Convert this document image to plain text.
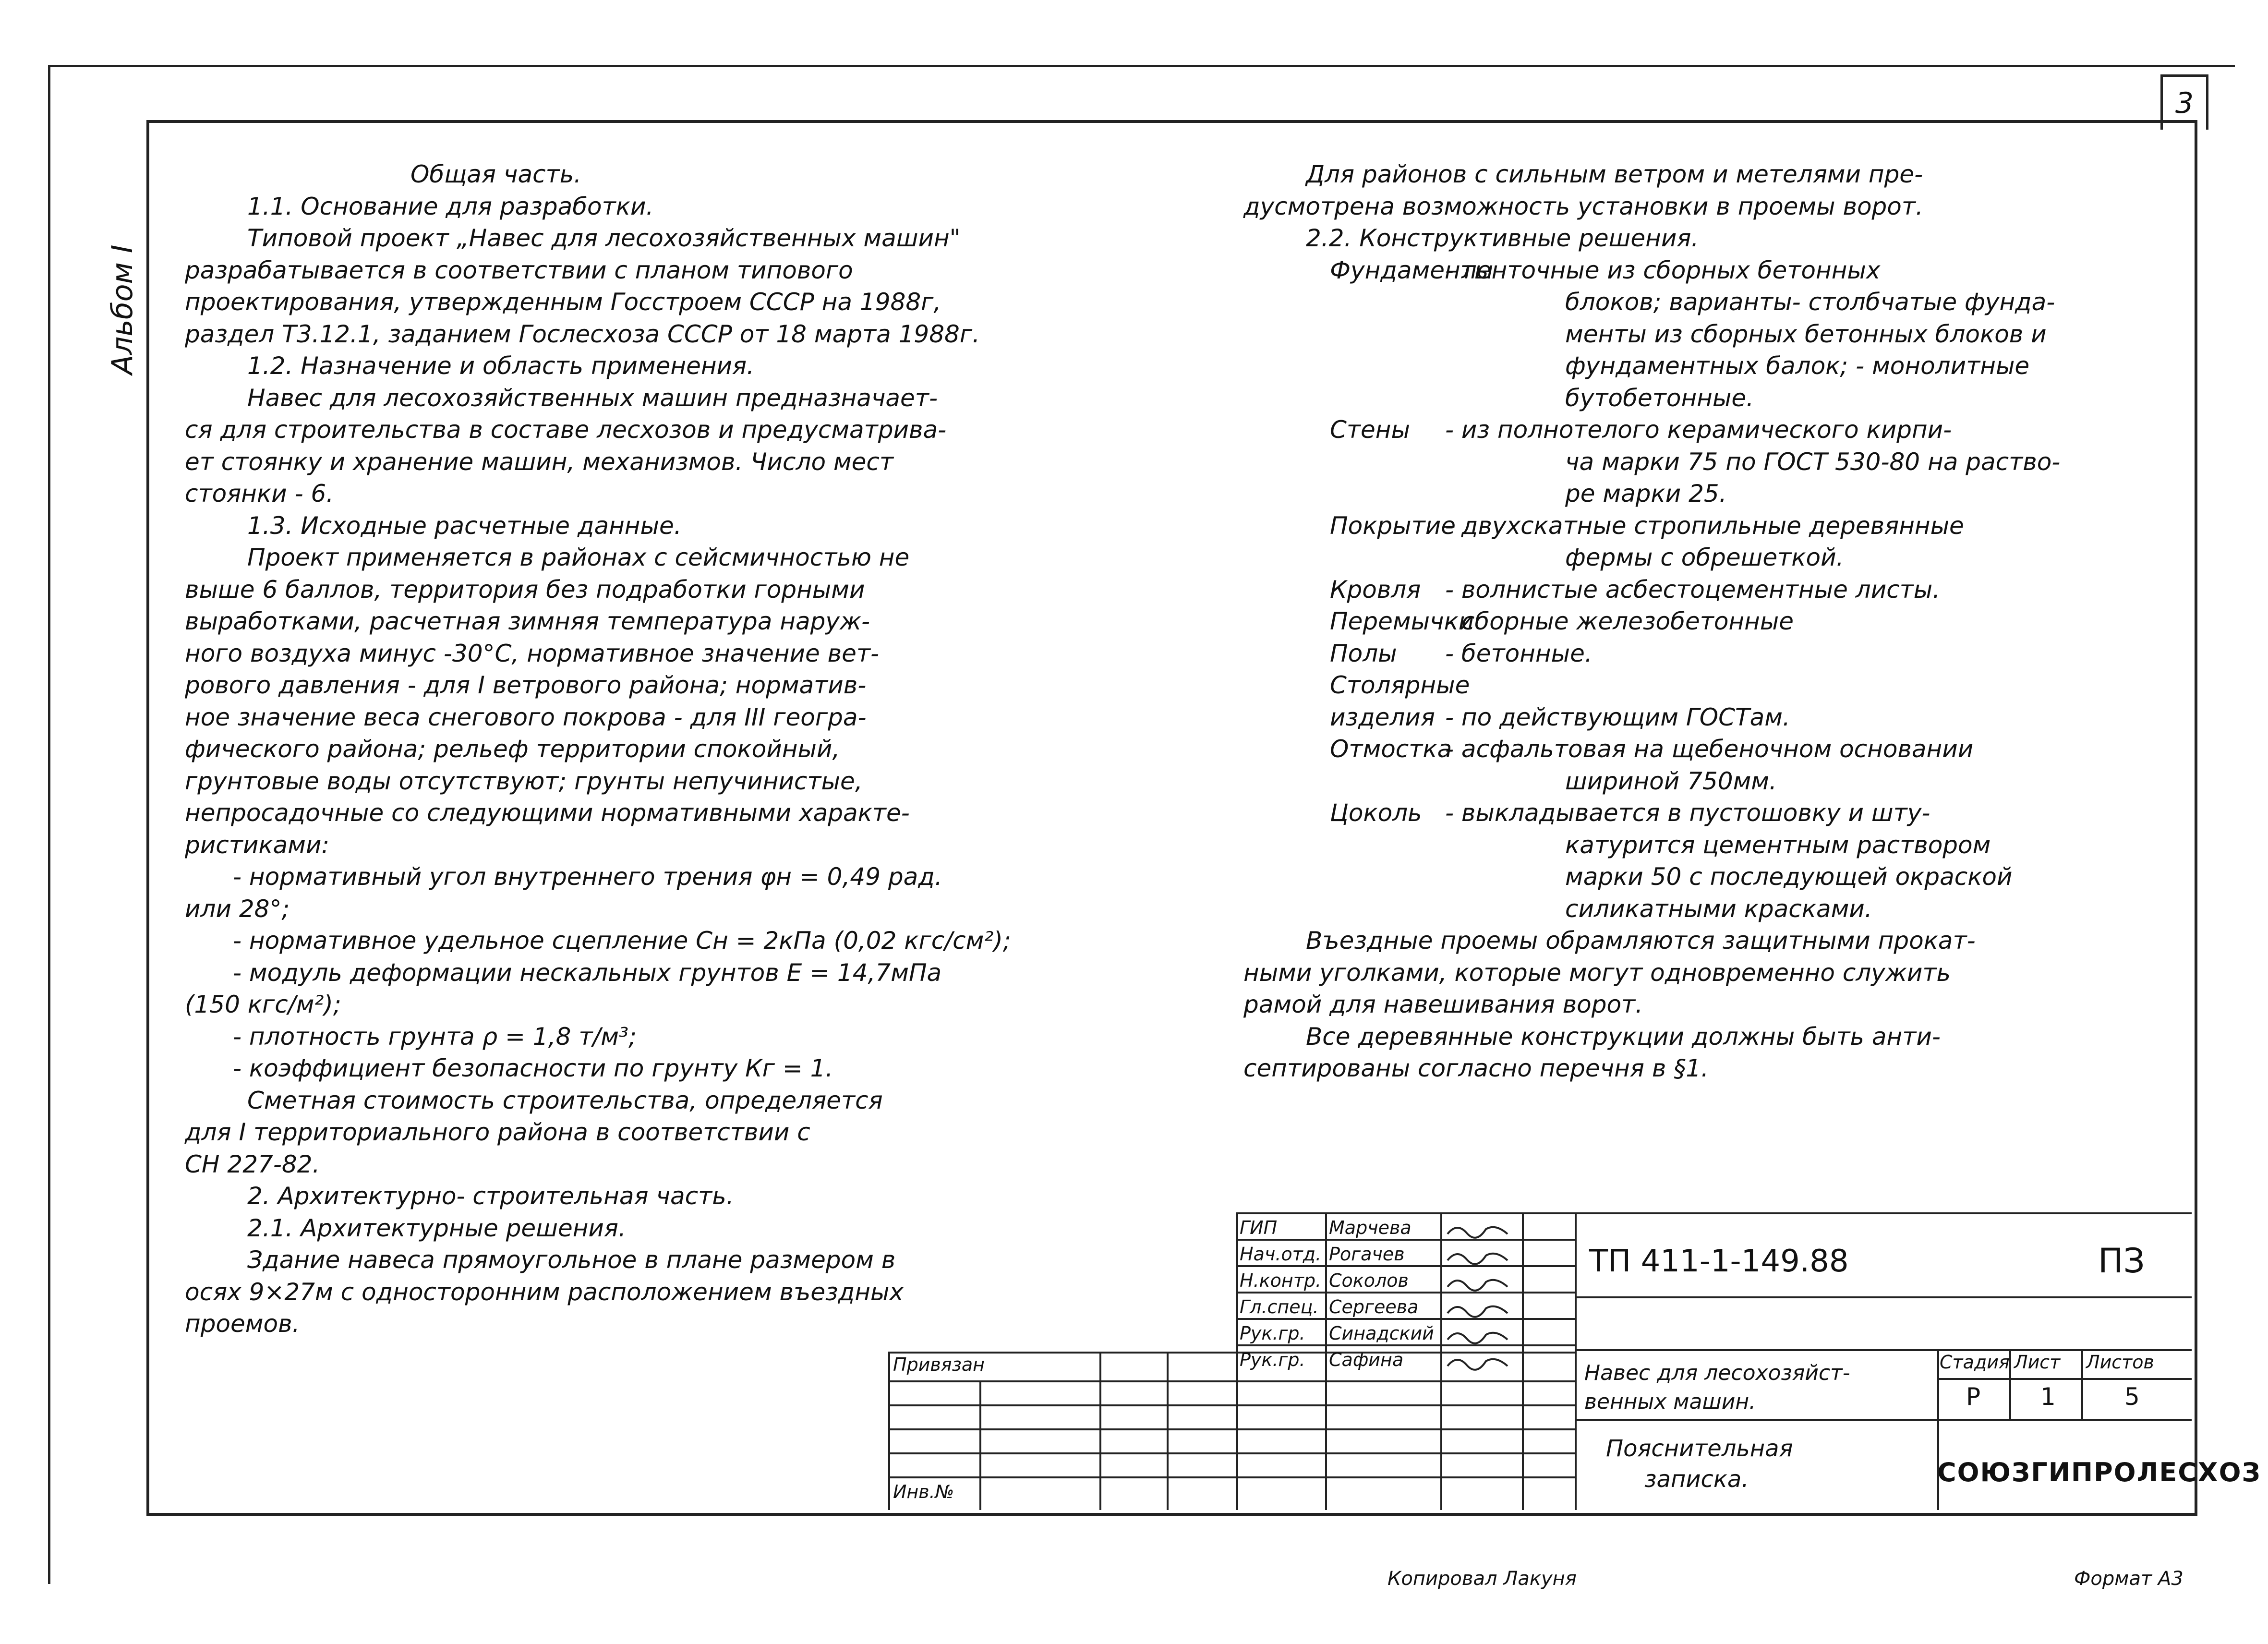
3
Альбом I
Общая часть.
1.1. Основание для разработки.
Типовой проект „Навес для лесохозяйственных машин"
разрабатывается в соответствии с планом типового
проектирования, утвержденным Госстроем СССР на 1988г,
раздел Т3.12.1, заданием Гослесхоза СССР от 18 марта 1988г.
1.2. Назначение и область применения.
Навес для лесохозяйственных машин предназначает-
ся для строительства в составе лесхозов и предусматрива-
ет стоянку и хранение машин, механизмов. Число мест
стоянки - 6.
1.3. Исходные расчетные данные.
Проект применяется в районах с сейсмичностью не
выше 6 баллов, территория без подработки горными
выработками, расчетная зимняя температура наруж-
ного воздуха минус -30°С, нормативное значение вет-
рового давления - для I ветрового района; норматив-
ное значение веса снегового покрова - для III геогра-
фического района; рельеф территории спокойный,
грунтовые воды отсутствуют; грунты непучинистые,
непросадочные со следующими нормативными характе-
ристиками:
- нормативный угол внутреннего трения φн = 0,49 рад.
или 28°;
- нормативное удельное сцепление Сн = 2кПа (0,02 кгс/см²);
- модуль деформации нескальных грунтов Е = 14,7мПа
(150 кгс/м²);
- плотность грунта ρ = 1,8 т/м³;
- коэффициент безопасности по грунту Кг = 1.
Сметная стоимость строительства, определяется
для I территориального района в соответствии с
СН 227-82.
2. Архитектурно- строительная часть.
2.1. Архитектурные решения.
Здание навеса прямоугольное в плане размером в
осях 9×27м с односторонним расположением въездных
проемов.
Для районов с сильным ветром и метелями пре-
дусмотрена возможность установки в проемы ворот.
2.2. Конструктивные решения.
Фундаменты
- ленточные из сборных бетонных
блоков; варианты- столбчатые фунда-
менты из сборных бетонных блоков и
фундаментных балок; - монолитные
бутобетонные.
Стены	- из полнотелого керамического кирпи-
ча марки 75 по ГОСТ 530-80 на раство-
ре марки 25.
Покрытие
- двухскатные стропильные деревянные
фермы с обрешеткой.
Кровля	- волнистые асбестоцементные листы.
Перемычки
- сборные железобетонные
Полы	- бетонные.
Столярные
изделия - по действующим ГОСТам.
Отмостка
- асфальтовая на щебеночном основании
шириной 750мм.
Цоколь - выкладывается в пустошовку и шту-
катурится цементным раствором
марки 50 с последующей окраской
силикатными красками.
Въездные проемы обрамляются защитными прокат-
ными уголками, которые могут одновременно служить
рамой для навешивания ворот.
Все деревянные конструкции должны быть анти-
септированы согласно перечня в §1.
ГИП	Марчева
Нач.отд. Рогачев
Н.контр. Соколов
Гл.спец. Сергеева
Рук.гр. Синадский
Рук.гр. Сафина
ТП 411-1-149.88	ПЗ
Навес для лесохозяйст-
венных машин.
Стадия Лист Листов
Р 1	5
Пояснительная
записка.	СОЮЗГИПРОЛЕСХОЗ
Привязан
Инв.№
Копировал Лакуня	Формат А3
